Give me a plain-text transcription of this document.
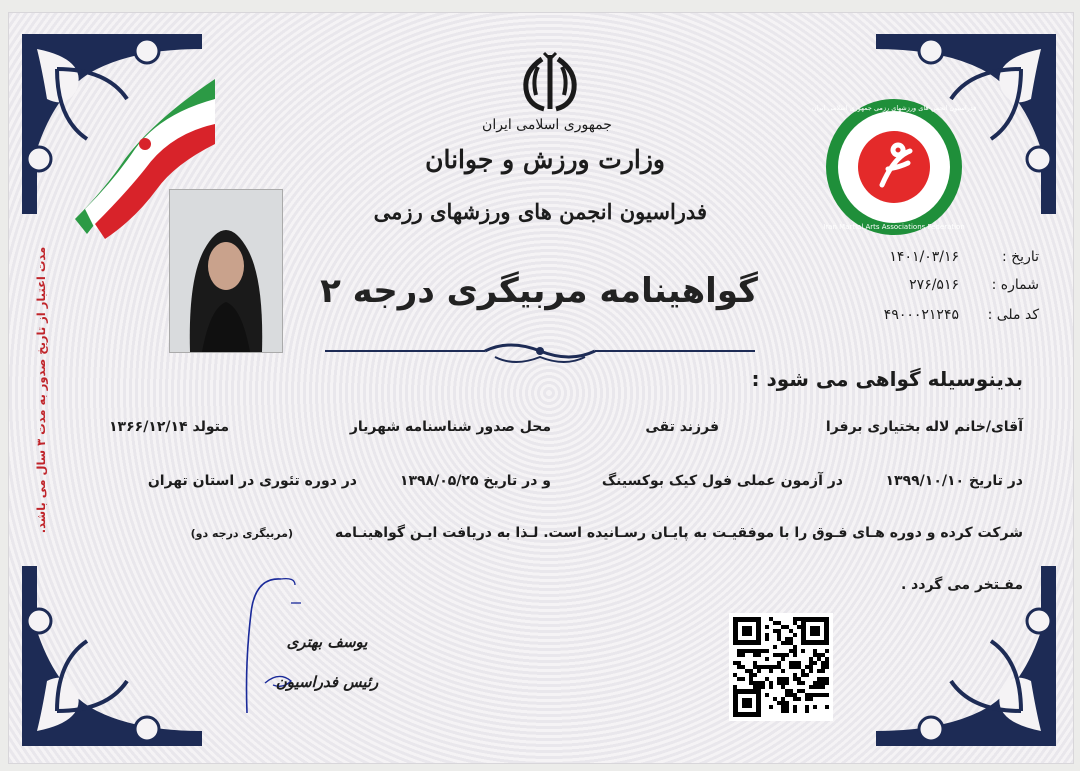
جمهوری اسلامی ایران
وزارت ورزش و جوانان
فدراسیون انجمن های ورزشهای رزمی
فدراسیون انجمن های ورزشهای رزمی جمهوری اسلامی ایران
Iran Martial Arts Associations Federation
تاریخ :
۱۴۰۱/۰۳/۱۶
شماره :
۲۷۶/۵۱۶
کد ملی :
۴۹۰۰۰۲۱۲۴۵
گواهینامه مربیگری درجه ۲
بدینوسیله گواهی می شود :
آقای/خانم لاله بختیاری برفرا
فرزند تقی
محل صدور شناسنامه شهریار
متولد ۱۳۶۶/۱۲/۱۴
در تاریخ ۱۳۹۹/۱۰/۱۰
در آزمون عملی فول کیک بوکسینگ
و در تاریخ ۱۳۹۸/۰۵/۲۵
در دوره تئوری در استان تهران
شرکت کرده و دوره هـای فـوق را با موفقیـت به پایـان رسـانیده است. لـذا به دریافت ایـن گواهینـامه
(مربیگری درجه دو)
مفـتخر می گردد .
مدت اعتبار از تاریخ صدور به مدت ۳ سال می باشد.
یوسف بهتری
رئیس فدراسیون
